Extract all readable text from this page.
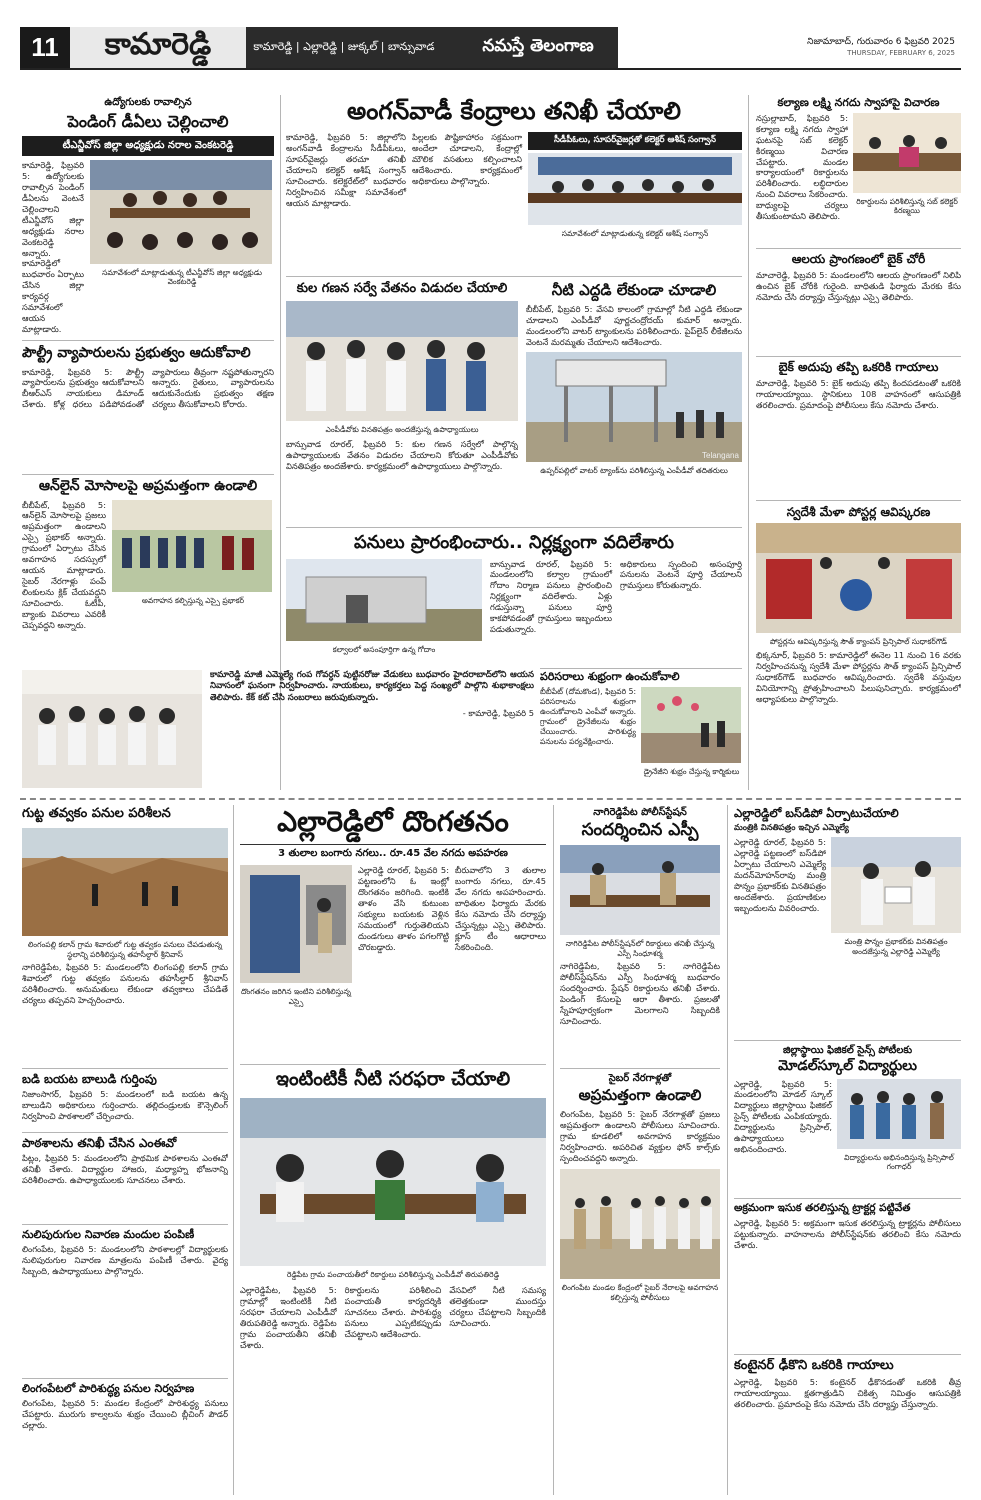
11	కామారెడ్డి	కామారెడ్డి | ఎల్లారెడ్డి | జుక్కల్ | బాన్సువాడ	నమస్తే తెలంగాణ	నిజామాబాద్, గురువారం 6 ఫిబ్రవరి 2025
THURSDAY, FEBRUARY 6, 2025
ఉద్యోగులకు రావాల్సిన
పెండింగ్ డీఏలు చెల్లించాలి
టీఎన్జీవోస్ జిల్లా అధ్యక్షుడు నరాల వెంకటరెడ్డి
కామారెడ్డి, ఫిబ్రవరి 5: ఉద్యోగులకు రావాల్సిన పెండింగ్ డీఏలను వెంటనే చెల్లించాలని టీఎన్జీవోస్ జిల్లా అధ్యక్షుడు నరాల వెంకటరెడ్డి అన్నారు. కామారెడ్డిలో బుధవారం ఏర్పాటు చేసిన జిల్లా కార్యవర్గ సమావేశంలో ఆయన మాట్లాడారు.
సమావేశంలో మాట్లాడుతున్న టీఎన్జీవోస్ జిల్లా అధ్యక్షుడు వెంకటరెడ్డి
పౌల్ట్రీ వ్యాపారులను ప్రభుత్వం ఆదుకోవాలి
కామారెడ్డి, ఫిబ్రవరి 5: పౌల్ట్రీ వ్యాపారులను ప్రభుత్వం ఆదుకోవాలని బీఆర్ఎస్ నాయకులు డిమాండ్ చేశారు. కోళ్ల ధరలు పడిపోవడంతో వ్యాపారులు తీవ్రంగా నష్టపోతున్నారని అన్నారు. రైతులు, వ్యాపారులను ఆదుకునేందుకు ప్రభుత్వం తక్షణ చర్యలు తీసుకోవాలని కోరారు.
ఆన్‌లైన్ మోసాలపై అప్రమత్తంగా ఉండాలి
బీబీపేట్, ఫిబ్రవరి 5: ఆన్‌లైన్ మోసాలపై ప్రజలు అప్రమత్తంగా ఉండాలని ఎస్సై ప్రభాకర్ అన్నారు. గ్రామంలో ఏర్పాటు చేసిన అవగాహన సదస్సులో ఆయన మాట్లాడారు. సైబర్ నేరగాళ్లు పంపే లింకులను క్లిక్ చేయవద్దని సూచించారు. ఓటీపీ, బ్యాంకు వివరాలు ఎవరికీ చెప్పవద్దని అన్నారు.
అవగాహన కల్పిస్తున్న ఎస్సై ప్రభాకర్
కామారెడ్డి మాజీ ఎమ్మెల్యే గంప గోవర్ధన్ పుట్టినరోజు వేడుకలు బుధవారం హైదరాబాద్‌లోని ఆయన నివాసంలో ఘనంగా నిర్వహించారు. నాయకులు, కార్యకర్తలు పెద్ద సంఖ్యలో పాల్గొని శుభాకాంక్షలు తెలిపారు. కేక్ కట్ చేసి సంబరాలు జరుపుకున్నారు.
- కామారెడ్డి, ఫిబ్రవరి 5
అంగన్‌వాడీ కేంద్రాలు తనిఖీ చేయాలి
కామారెడ్డి, ఫిబ్రవరి 5: జిల్లాలోని అంగన్‌వాడీ కేంద్రాలను సీడీపీఓలు, సూపర్‌వైజర్లు తరచూ తనిఖీ చేయాలని కలెక్టర్ ఆశీష్ సంగ్వాన్ సూచించారు. కలెక్టరేట్‌లో బుధవారం నిర్వహించిన సమీక్షా సమావేశంలో ఆయన మాట్లాడారు.
పిల్లలకు పౌష్టికాహారం సక్రమంగా అందేలా చూడాలని, కేంద్రాల్లో మౌలిక వసతులు కల్పించాలని ఆదేశించారు. కార్యక్రమంలో అధికారులు పాల్గొన్నారు.
సీడీపీఓలు, సూపర్‌వైజర్లతో కలెక్టర్ ఆశీష్ సంగ్వాన్
సమావేశంలో మాట్లాడుతున్న కలెక్టర్ ఆశీష్ సంగ్వాన్
కుల గణన సర్వే వేతనం విడుదల చేయాలి
ఎంపీడీవోకు వినతిపత్రం అందజేస్తున్న ఉపాధ్యాయులు
బాన్సువాడ రూరల్, ఫిబ్రవరి 5: కుల గణన సర్వేలో పాల్గొన్న ఉపాధ్యాయులకు వేతనం విడుదల చేయాలని కోరుతూ ఎంపీడీవోకు వినతిపత్రం అందజేశారు. కార్యక్రమంలో ఉపాధ్యాయులు పాల్గొన్నారు.
నీటి ఎద్దడి లేకుండా చూడాలి
బీబీపేట్, ఫిబ్రవరి 5: వేసవి కాలంలో గ్రామాల్లో నీటి ఎద్దడి లేకుండా చూడాలని ఎంపీడీవో పూర్ణచంద్రోదయ్ కుమార్ అన్నారు. మండలంలోని వాటర్ ట్యాంకులను పరిశీలించారు. పైప్‌లైన్ లీకేజీలను వెంటనే మరమ్మతు చేయాలని ఆదేశించారు.
Telangana
ఉప్పర్‌పల్లిలో వాటర్ ట్యాంక్‌ను పరిశీలిస్తున్న ఎంపీడీవో తదితరులు
పనులు ప్రారంభించారు.. నిర్లక్ష్యంగా వదిలేశారు
కల్వాలలో అసంపూర్తిగా ఉన్న గోదాం
బాన్సువాడ రూరల్, ఫిబ్రవరి 5: మండలంలోని కల్వాల గ్రామంలో గోదాం నిర్మాణ పనులు ప్రారంభించి నిర్లక్ష్యంగా వదిలేశారు. ఏళ్లు గడుస్తున్నా పనులు పూర్తి కాకపోవడంతో గ్రామస్తులు ఇబ్బందులు పడుతున్నారు.
అధికారులు స్పందించి అసంపూర్తి పనులను వెంటనే పూర్తి చేయాలని గ్రామస్తులు కోరుతున్నారు.
పరిసరాలు శుభ్రంగా ఉంచుకోవాలి
బీబీపేట్ (దోమకొండ), ఫిబ్రవరి 5: పరిసరాలను శుభ్రంగా ఉంచుకోవాలని ఎంపీవో అన్నారు. గ్రామంలో డ్రైనేజీలను శుభ్రం చేయించారు. పారిశుద్ధ్య పనులను పర్యవేక్షించారు.
డ్రైనేజీని శుభ్రం చేస్తున్న కార్మికులు
కల్యాణ లక్ష్మి నగదు స్వాహాపై విచారణ
నస్రుల్లాబాద్, ఫిబ్రవరి 5: కల్యాణ లక్ష్మి నగదు స్వాహా ఘటనపై సబ్ కలెక్టర్ కిరణ్మయి విచారణ చేపట్టారు. మండల కార్యాలయంలో రికార్డులను పరిశీలించారు. లబ్ధిదారుల నుంచి వివరాలు సేకరించారు. బాధ్యులపై చర్యలు తీసుకుంటామని తెలిపారు.
రికార్డులను పరిశీలిస్తున్న సబ్ కలెక్టర్ కిరణ్మయి
ఆలయ ప్రాంగణంలో బైక్ చోరీ
మాచారెడ్డి, ఫిబ్రవరి 5: మండలంలోని ఆలయ ప్రాంగణంలో నిలిపి ఉంచిన బైక్ చోరీకి గురైంది. బాధితుడి ఫిర్యాదు మేరకు కేసు నమోదు చేసి దర్యాప్తు చేస్తున్నట్లు ఎస్సై తెలిపారు.
బైక్ అదుపు తప్పి ఒకరికి గాయాలు
మాచారెడ్డి, ఫిబ్రవరి 5: బైక్ అదుపు తప్పి కిందపడటంతో ఒకరికి గాయాలయ్యాయి. స్థానికులు 108 వాహనంలో ఆసుపత్రికి తరలించారు. ప్రమాదంపై పోలీసులు కేసు నమోదు చేశారు.
స్వదేశీ మేళా పోస్టర్ల ఆవిష్కరణ
పోస్టర్లను ఆవిష్కరిస్తున్న సౌత్ క్యాంపస్ ప్రిన్సిపాల్ సుధాకర్‌గౌడ్
భిక్కనూర్, ఫిబ్రవరి 5: కామారెడ్డిలో ఈనెల 11 నుంచి 16 వరకు నిర్వహించనున్న స్వదేశీ మేళా పోస్టర్లను సౌత్ క్యాంపస్ ప్రిన్సిపాల్ సుధాకర్‌గౌడ్ బుధవారం ఆవిష్కరించారు. స్వదేశీ వస్తువుల వినియోగాన్ని ప్రోత్సహించాలని పిలుపునిచ్చారు. కార్యక్రమంలో అధ్యాపకులు పాల్గొన్నారు.
గుట్ట తవ్వకం పనుల పరిశీలన
లింగంపల్లి కలాన్ గ్రామ శివారులో గుట్ట తవ్వకం పనులు చేపడుతున్న స్థలాన్ని పరిశీలిస్తున్న తహసీల్దార్ శ్రీనివాస్
నాగిరెడ్డిపేట, ఫిబ్రవరి 5: మండలంలోని లింగంపల్లి కలాన్ గ్రామ శివారులో గుట్ట తవ్వకం పనులను తహసీల్దార్ శ్రీనివాస్ పరిశీలించారు. అనుమతులు లేకుండా తవ్వకాలు చేపడితే చర్యలు తప్పవని హెచ్చరించారు.
బడి బయట బాలుడి గుర్తింపు
నిజాంసాగర్, ఫిబ్రవరి 5: మండలంలో బడి బయట ఉన్న బాలుడిని అధికారులు గుర్తించారు. తల్లిదండ్రులకు కౌన్సెలింగ్ నిర్వహించి పాఠశాలలో చేర్పించారు.
పాఠశాలను తనిఖీ చేసిన ఎంఈవో
పిట్లం, ఫిబ్రవరి 5: మండలంలోని ప్రాథమిక పాఠశాలను ఎంఈవో తనిఖీ చేశారు. విద్యార్థుల హాజరు, మధ్యాహ్న భోజనాన్ని పరిశీలించారు. ఉపాధ్యాయులకు సూచనలు చేశారు.
నులిపురుగుల నివారణ మందుల పంపిణీ
లింగంపేట, ఫిబ్రవరి 5: మండలంలోని పాఠశాలల్లో విద్యార్థులకు నులిపురుగుల నివారణ మాత్రలను పంపిణీ చేశారు. వైద్య సిబ్బంది, ఉపాధ్యాయులు పాల్గొన్నారు.
లింగంపేటలో పారిశుద్ధ్య పనుల నిర్వహణ
లింగంపేట, ఫిబ్రవరి 5: మండల కేంద్రంలో పారిశుద్ధ్య పనులు చేపట్టారు. మురుగు కాల్వలను శుభ్రం చేయించి బ్లీచింగ్ పౌడర్ చల్లారు.
ఎల్లారెడ్డిలో దొంగతనం
3 తులాల బంగారు నగలు.. రూ.45 వేల నగదు అపహరణ
దొంగతనం జరిగిన ఇంటిని పరిశీలిస్తున్న ఎస్సై
ఎల్లారెడ్డి రూరల్, ఫిబ్రవరి 5: పట్టణంలోని ఓ ఇంట్లో దొంగతనం జరిగింది. ఇంటికి తాళం వేసి కుటుంబ సభ్యులు బయటకు వెళ్లిన సమయంలో గుర్తుతెలియని దుండగులు తాళం పగలగొట్టి చొరబడ్డారు.
బీరువాలోని 3 తులాల బంగారు నగలు, రూ.45 వేల నగదు అపహరించారు. బాధితుల ఫిర్యాదు మేరకు కేసు నమోదు చేసి దర్యాప్తు చేస్తున్నట్లు ఎస్సై తెలిపారు. క్లూస్ టీం ఆధారాలు సేకరించింది.
ఇంటింటికీ నీటి సరఫరా చేయాలి
రెడ్డిపేట గ్రామ పంచాయతీలో రికార్డులు పరిశీలిస్తున్న ఎంపీడీవో తిరుపతిరెడ్డి
ఎల్లారెడ్డిపేట, ఫిబ్రవరి 5: గ్రామాల్లో ఇంటింటికీ నీటి సరఫరా చేయాలని ఎంపీడీవో తిరుపతిరెడ్డి అన్నారు. రెడ్డిపేట గ్రామ పంచాయతీని తనిఖీ చేశారు.
రికార్డులను పరిశీలించి పంచాయతీ కార్యదర్శికి సూచనలు చేశారు. పారిశుద్ధ్య పనులు ఎప్పటికప్పుడు చేపట్టాలని ఆదేశించారు.
వేసవిలో నీటి సమస్య తలెత్తకుండా ముందస్తు చర్యలు చేపట్టాలని సిబ్బందికి సూచించారు.
నాగిరెడ్డిపేట పోలీస్‌స్టేషన్
సందర్శించిన ఎస్పీ
నాగిరెడ్డిపేట పోలీస్‌స్టేషన్‌లో రికార్డులు తనిఖీ చేస్తున్న ఎస్పీ సింధూశర్మ
నాగిరెడ్డిపేట, ఫిబ్రవరి 5: నాగిరెడ్డిపేట పోలీస్‌స్టేషన్‌ను ఎస్పీ సింధూశర్మ బుధవారం సందర్శించారు. స్టేషన్ రికార్డులను తనిఖీ చేశారు. పెండింగ్ కేసులపై ఆరా తీశారు. ప్రజలతో స్నేహపూర్వకంగా మెలగాలని సిబ్బందికి సూచించారు.
సైబర్ నేరగాళ్లతో
అప్రమత్తంగా ఉండాలి
లింగంపేట, ఫిబ్రవరి 5: సైబర్ నేరగాళ్లతో ప్రజలు అప్రమత్తంగా ఉండాలని పోలీసులు సూచించారు. గ్రామ కూడలిలో అవగాహన కార్యక్రమం నిర్వహించారు. అపరిచిత వ్యక్తుల ఫోన్ కాల్స్‌కు స్పందించవద్దని అన్నారు.
లింగంపేట మండల కేంద్రంలో సైబర్ నేరాలపై అవగాహన కల్పిస్తున్న పోలీసులు
ఎల్లారెడ్డిలో బస్‌డిపో ఏర్పాటుచేయాలి
మంత్రికి వినతిపత్రం ఇచ్చిన ఎమ్మెల్యే
ఎల్లారెడ్డి రూరల్, ఫిబ్రవరి 5: ఎల్లారెడ్డి పట్టణంలో బస్‌డిపో ఏర్పాటు చేయాలని ఎమ్మెల్యే మదన్‌మోహన్‌రావు మంత్రి పొన్నం ప్రభాకర్‌కు వినతిపత్రం అందజేశారు. ప్రయాణికుల ఇబ్బందులను వివరించారు.
మంత్రి పొన్నం ప్రభాకర్‌కు వినతిపత్రం అందజేస్తున్న ఎల్లారెడ్డి ఎమ్మెల్యే
జిల్లాస్థాయి ఫిజికల్ సైన్స్ పోటీలకు
మోడల్‌స్కూల్ విద్యార్థులు
ఎల్లారెడ్డి, ఫిబ్రవరి 5: మండలంలోని మోడల్ స్కూల్ విద్యార్థులు జిల్లాస్థాయి ఫిజికల్ సైన్స్ పోటీలకు ఎంపికయ్యారు. విద్యార్థులను ప్రిన్సిపాల్, ఉపాధ్యాయులు అభినందించారు.
విద్యార్థులను అభినందిస్తున్న ప్రిన్సిపాల్ గంగాధర్
అక్రమంగా ఇసుక తరలిస్తున్న ట్రాక్టర్ల పట్టివేత
ఎల్లారెడ్డి, ఫిబ్రవరి 5: అక్రమంగా ఇసుక తరలిస్తున్న ట్రాక్టర్లను పోలీసులు పట్టుకున్నారు. వాహనాలను పోలీస్‌స్టేషన్‌కు తరలించి కేసు నమోదు చేశారు.
కంటైనర్ ఢీకొని ఒకరికి గాయాలు
ఎల్లారెడ్డి, ఫిబ్రవరి 5: కంటైనర్ ఢీకొనడంతో ఒకరికి తీవ్ర గాయాలయ్యాయి. క్షతగాత్రుడిని చికిత్స నిమిత్తం ఆసుపత్రికి తరలించారు. ప్రమాదంపై కేసు నమోదు చేసి దర్యాప్తు చేస్తున్నారు.
